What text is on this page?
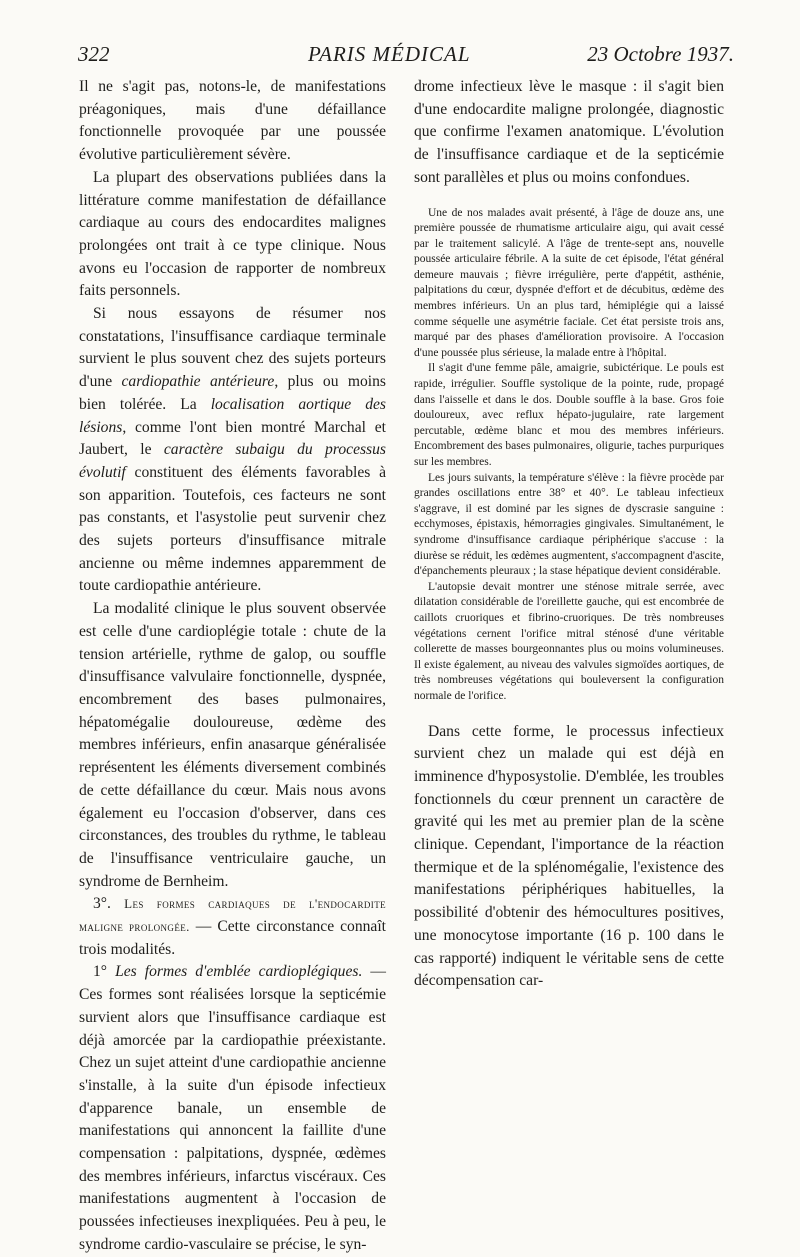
322	PARIS MÉDICAL	23 Octobre 1937.

Il ne s'agit pas, notons-le, de manifestations préagoniques, mais d'une défaillance fonctionnelle provoquée par une poussée évolutive particulièrement sévère.

La plupart des observations publiées dans la littérature comme manifestation de défaillance cardiaque au cours des endocardites malignes prolongées ont trait à ce type clinique. Nous avons eu l'occasion de rapporter de nombreux faits personnels.

Si nous essayons de résumer nos constatations, l'insuffisance cardiaque terminale survient le plus souvent chez des sujets porteurs d'une cardiopathie antérieure, plus ou moins bien tolérée. La localisation aortique des lésions, comme l'ont bien montré Marchal et Jaubert, le caractère subaigu du processus évolutif constituent des éléments favorables à son apparition. Toutefois, ces facteurs ne sont pas constants, et l'asystolie peut survenir chez des sujets porteurs d'insuffisance mitrale ancienne ou même indemnes apparemment de toute cardiopathie antérieure.

La modalité clinique le plus souvent observée est celle d'une cardioplégie totale : chute de la tension artérielle, rythme de galop, ou souffle d'insuffisance valvulaire fonctionnelle, dyspnée, encombrement des bases pulmonaires, hépatomégalie douloureuse, œdème des membres inférieurs, enfin anasarque généralisée représentent les éléments diversement combinés de cette défaillance du cœur. Mais nous avons également eu l'occasion d'observer, dans ces circonstances, des troubles du rythme, le tableau de l'insuffisance ventriculaire gauche, un syndrome de Bernheim.

3°. Les formes cardiaques de l'endocardite maligne prolongée. — Cette circonstance connaît trois modalités.

1° Les formes d'emblée cardioplégiques. — Ces formes sont réalisées lorsque la septicémie survient alors que l'insuffisance cardiaque est déjà amorcée par la cardiopathie préexistante. Chez un sujet atteint d'une cardiopathie ancienne s'installe, à la suite d'un épisode infectieux d'apparence banale, un ensemble de manifestations qui annoncent la faillite d'une compensation : palpitations, dyspnée, œdèmes des membres inférieurs, infarctus viscéraux. Ces manifestations augmentent à l'occasion de poussées infectieuses inexpliquées. Peu à peu, le syndrome cardio-vasculaire se précise, le syn-

drome infectieux lève le masque : il s'agit bien d'une endocardite maligne prolongée, diagnostic que confirme l'examen anatomique. L'évolution de l'insuffisance cardiaque et de la septicémie sont parallèles et plus ou moins confondues.

Une de nos malades avait présenté, à l'âge de douze ans, une première poussée de rhumatisme articulaire aigu, qui avait cessé par le traitement salicylé. A l'âge de trente-sept ans, nouvelle poussée articulaire fébrile. A la suite de cet épisode, l'état général demeure mauvais ; fièvre irrégulière, perte d'appétit, asthénie, palpitations du cœur, dyspnée d'effort et de décubitus, œdème des membres inférieurs. Un an plus tard, hémiplégie qui a laissé comme séquelle une asymétrie faciale. Cet état persiste trois ans, marqué par des phases d'amélioration provisoire. A l'occasion d'une poussée plus sérieuse, la malade entre à l'hôpital.

Il s'agit d'une femme pâle, amaigrie, subictérique. Le pouls est rapide, irrégulier. Souffle systolique de la pointe, rude, propagé dans l'aisselle et dans le dos. Double souffle à la base. Gros foie douloureux, avec reflux hépato-jugulaire, rate largement percutable, œdème blanc et mou des membres inférieurs. Encombrement des bases pulmonaires, oligurie, taches purpuriques sur les membres.

Les jours suivants, la température s'élève : la fièvre procède par grandes oscillations entre 38° et 40°. Le tableau infectieux s'aggrave, il est dominé par les signes de dyscrasie sanguine : ecchymoses, épistaxis, hémorragies gingivales. Simultanément, le syndrome d'insuffisance cardiaque périphérique s'accuse : la diurèse se réduit, les œdèmes augmentent, s'accompagnent d'ascite, d'épanchements pleuraux ; la stase hépatique devient considérable.

L'autopsie devait montrer une sténose mitrale serrée, avec dilatation considérable de l'oreillette gauche, qui est encombrée de caillots cruoriques et fibrino-cruoriques. De très nombreuses végétations cernent l'orifice mitral sténosé d'une véritable collerette de masses bourgeonnantes plus ou moins volumineuses. Il existe également, au niveau des valvules sigmoïdes aortiques, de très nombreuses végétations qui bouleversent la configuration normale de l'orifice.

Dans cette forme, le processus infectieux survient chez un malade qui est déjà en imminence d'hyposystolie. D'emblée, les troubles fonctionnels du cœur prennent un caractère de gravité qui les met au premier plan de la scène clinique. Cependant, l'importance de la réaction thermique et de la splénomégalie, l'existence des manifestations périphériques habituelles, la possibilité d'obtenir des hémocultures positives, une monocytose importante (16 p. 100 dans le cas rapporté) indiquent le véritable sens de cette décompensation car-
